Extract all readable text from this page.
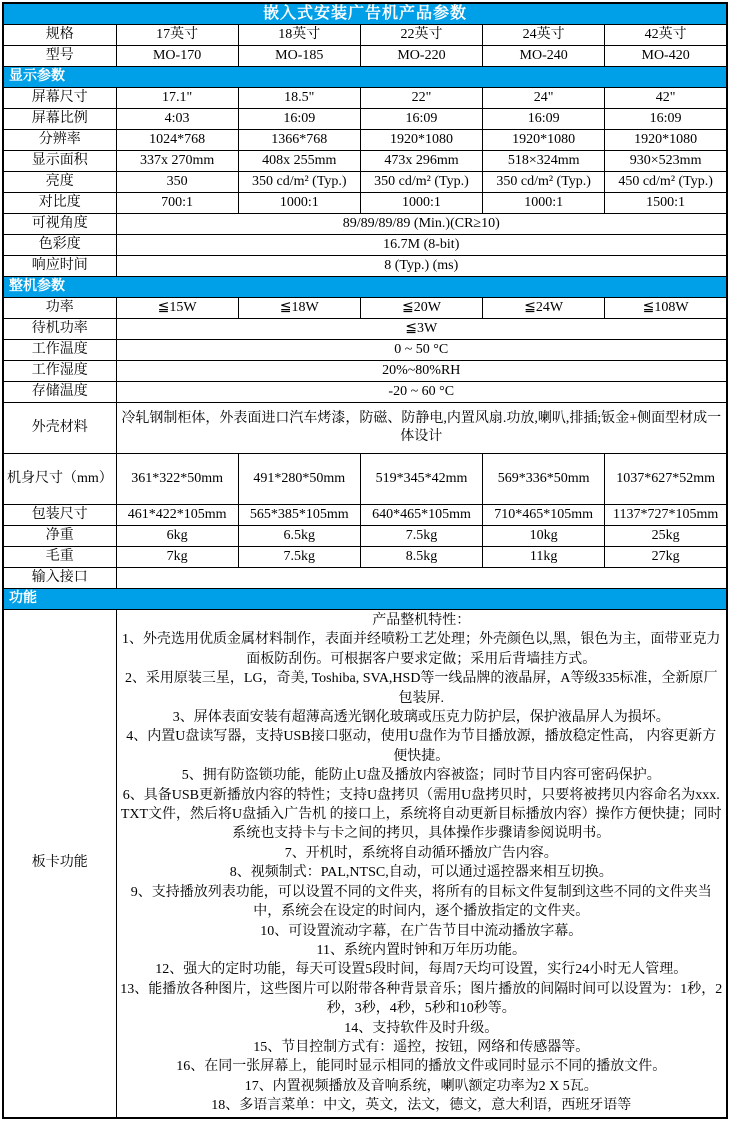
嵌入式安装广告机产品参数					
规格	17英寸	18英寸	22英寸	24英寸	42英寸
型号	MO-170	MO-185	MO-220	MO-240	MO-420
显示参数					
屏幕尺寸	17.1"	18.5"	22"	24"	42"
屏幕比例	4:03	16:09	16:09	16:09	16:09
分辨率	1024*768	1366*768	1920*1080	1920*1080	1920*1080
显示面积	337x 270mm	408x 255mm	473x 296mm	518×324mm	930×523mm
亮度	350	350 cd/m² (Typ.)	350 cd/m² (Typ.)	350 cd/m² (Typ.)	450 cd/m² (Typ.)
对比度	700:1	1000:1	1000:1	1000:1	1500:1
可视角度	89/89/89/89 (Min.)(CR≥10)				
色彩度	16.7M (8-bit)				
响应时间	8 (Typ.) (ms)				
整机参数					
功率	≦15W	≦18W	≦20W	≦24W	≦108W
待机功率	≦3W				
工作温度	0 ~ 50 °C				
工作湿度	20%~80%RH				
存储温度	-20 ~ 60 °C				
外壳材料	冷轧钢制柜体，外表面进口汽车烤漆，防磁、防静电,内置风扇.功放,喇叭,排插;钣金+侧面型材成一体设计				
机身尺寸（mm）	361*322*50mm	491*280*50mm	519*345*42mm	569*336*50mm	1037*627*52mm
包装尺寸	461*422*105mm	565*385*105mm	640*465*105mm	710*465*105mm	1137*727*105mm
净重	6kg	6.5kg	7.5kg	10kg	25kg
毛重	7kg	7.5kg	8.5kg	11kg	27kg
输入接口					
功能					
板卡功能	
产品整机特性：
1、外壳选用优质金属材料制作，表面并经喷粉工艺处理；外壳颜色以,黑，银色为主，面带亚克力面板防刮伤。可根据客户要求定做；采用后背墙挂方式。
2、采用原装三星，LG，奇美, Toshiba, SVA,HSD等一线品牌的液晶屏，A等级335标准，全新原厂包装屏.
3、屏体表面安装有超薄高透光钢化玻璃或压克力防护层，保护液晶屏人为损坏。
4、内置U盘读写器，支持USB接口驱动，使用U盘作为节目播放源，播放稳定性高， 内容更新方便快捷。
5、拥有防盗锁功能，能防止U盘及播放内容被盗；同时节目内容可密码保护。
6、具备USB更新播放内容的特性；支持U盘拷贝（需用U盘拷贝时，只要将被拷贝内容命名为xxx.TXT文件，然后将U盘插入广告机 的接口上，系统将自动更新目标播放内容）操作方便快捷；同时系统也支持卡与卡之间的拷贝，具体操作步骤请参阅说明书。
7、开机时，系统将自动循环播放广告内容。
8、视频制式：PAL,NTSC,自动，可以通过遥控器来相互切换。
9、支持播放列表功能，可以设置不同的文件夹，将所有的目标文件复制到这些不同的文件夹当中，系统会在设定的时间内，逐个播放指定的文件夹。
10、可设置流动字幕，在广告节目中流动播放字幕。
11、系统内置时钟和万年历功能。
12、强大的定时功能，每天可设置5段时间，每周7天均可设置，实行24小时无人管理。
13、能播放各种图片，这些图片可以附带各种背景音乐；图片播放的间隔时间可以设置为：1秒，2秒，3秒，4秒，5秒和10秒等。
14、支持软件及时升级。
15、节目控制方式有：遥控，按钮，网络和传感器等。
16、在同一张屏幕上，能同时显示相同的播放文件或同时显示不同的播放文件。
17、内置视频播放及音响系统，喇叭额定功率为2 X 5瓦。
18、多语言菜单：中文，英文，法文，德文，意大利语，西班牙语等
